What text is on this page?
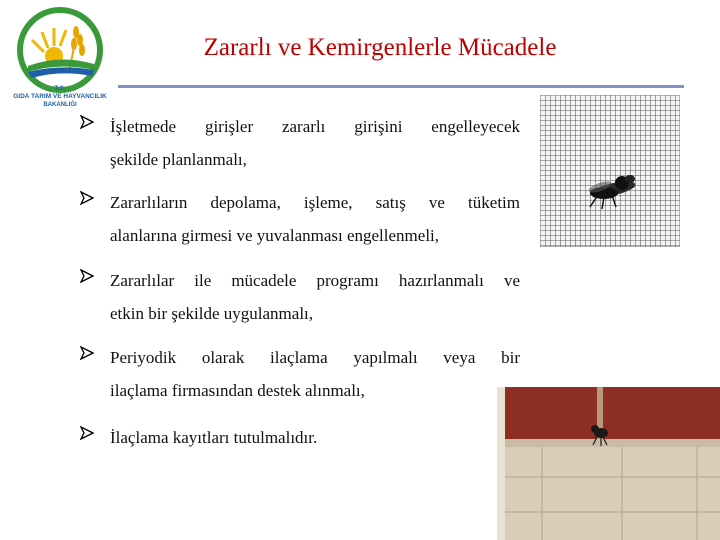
T.C.
GIDA TARIM VE HAYVANCILIK
BAKANLIĞI
Zararlı ve Kemirgenlerle Mücadele
İşletmede girişler zararlı girişini engelleyecek
şekilde planlanmalı,
Zararlıların depolama, işleme, satış ve tüketim
alanlarına girmesi ve yuvalanması engellenmeli,
Zararlılar ile mücadele programı hazırlanmalı ve
etkin bir şekilde uygulanmalı,
Periyodik olarak ilaçlama yapılmalı veya bir
ilaçlama firmasından destek alınmalı,
İlaçlama kayıtları tutulmalıdır.
